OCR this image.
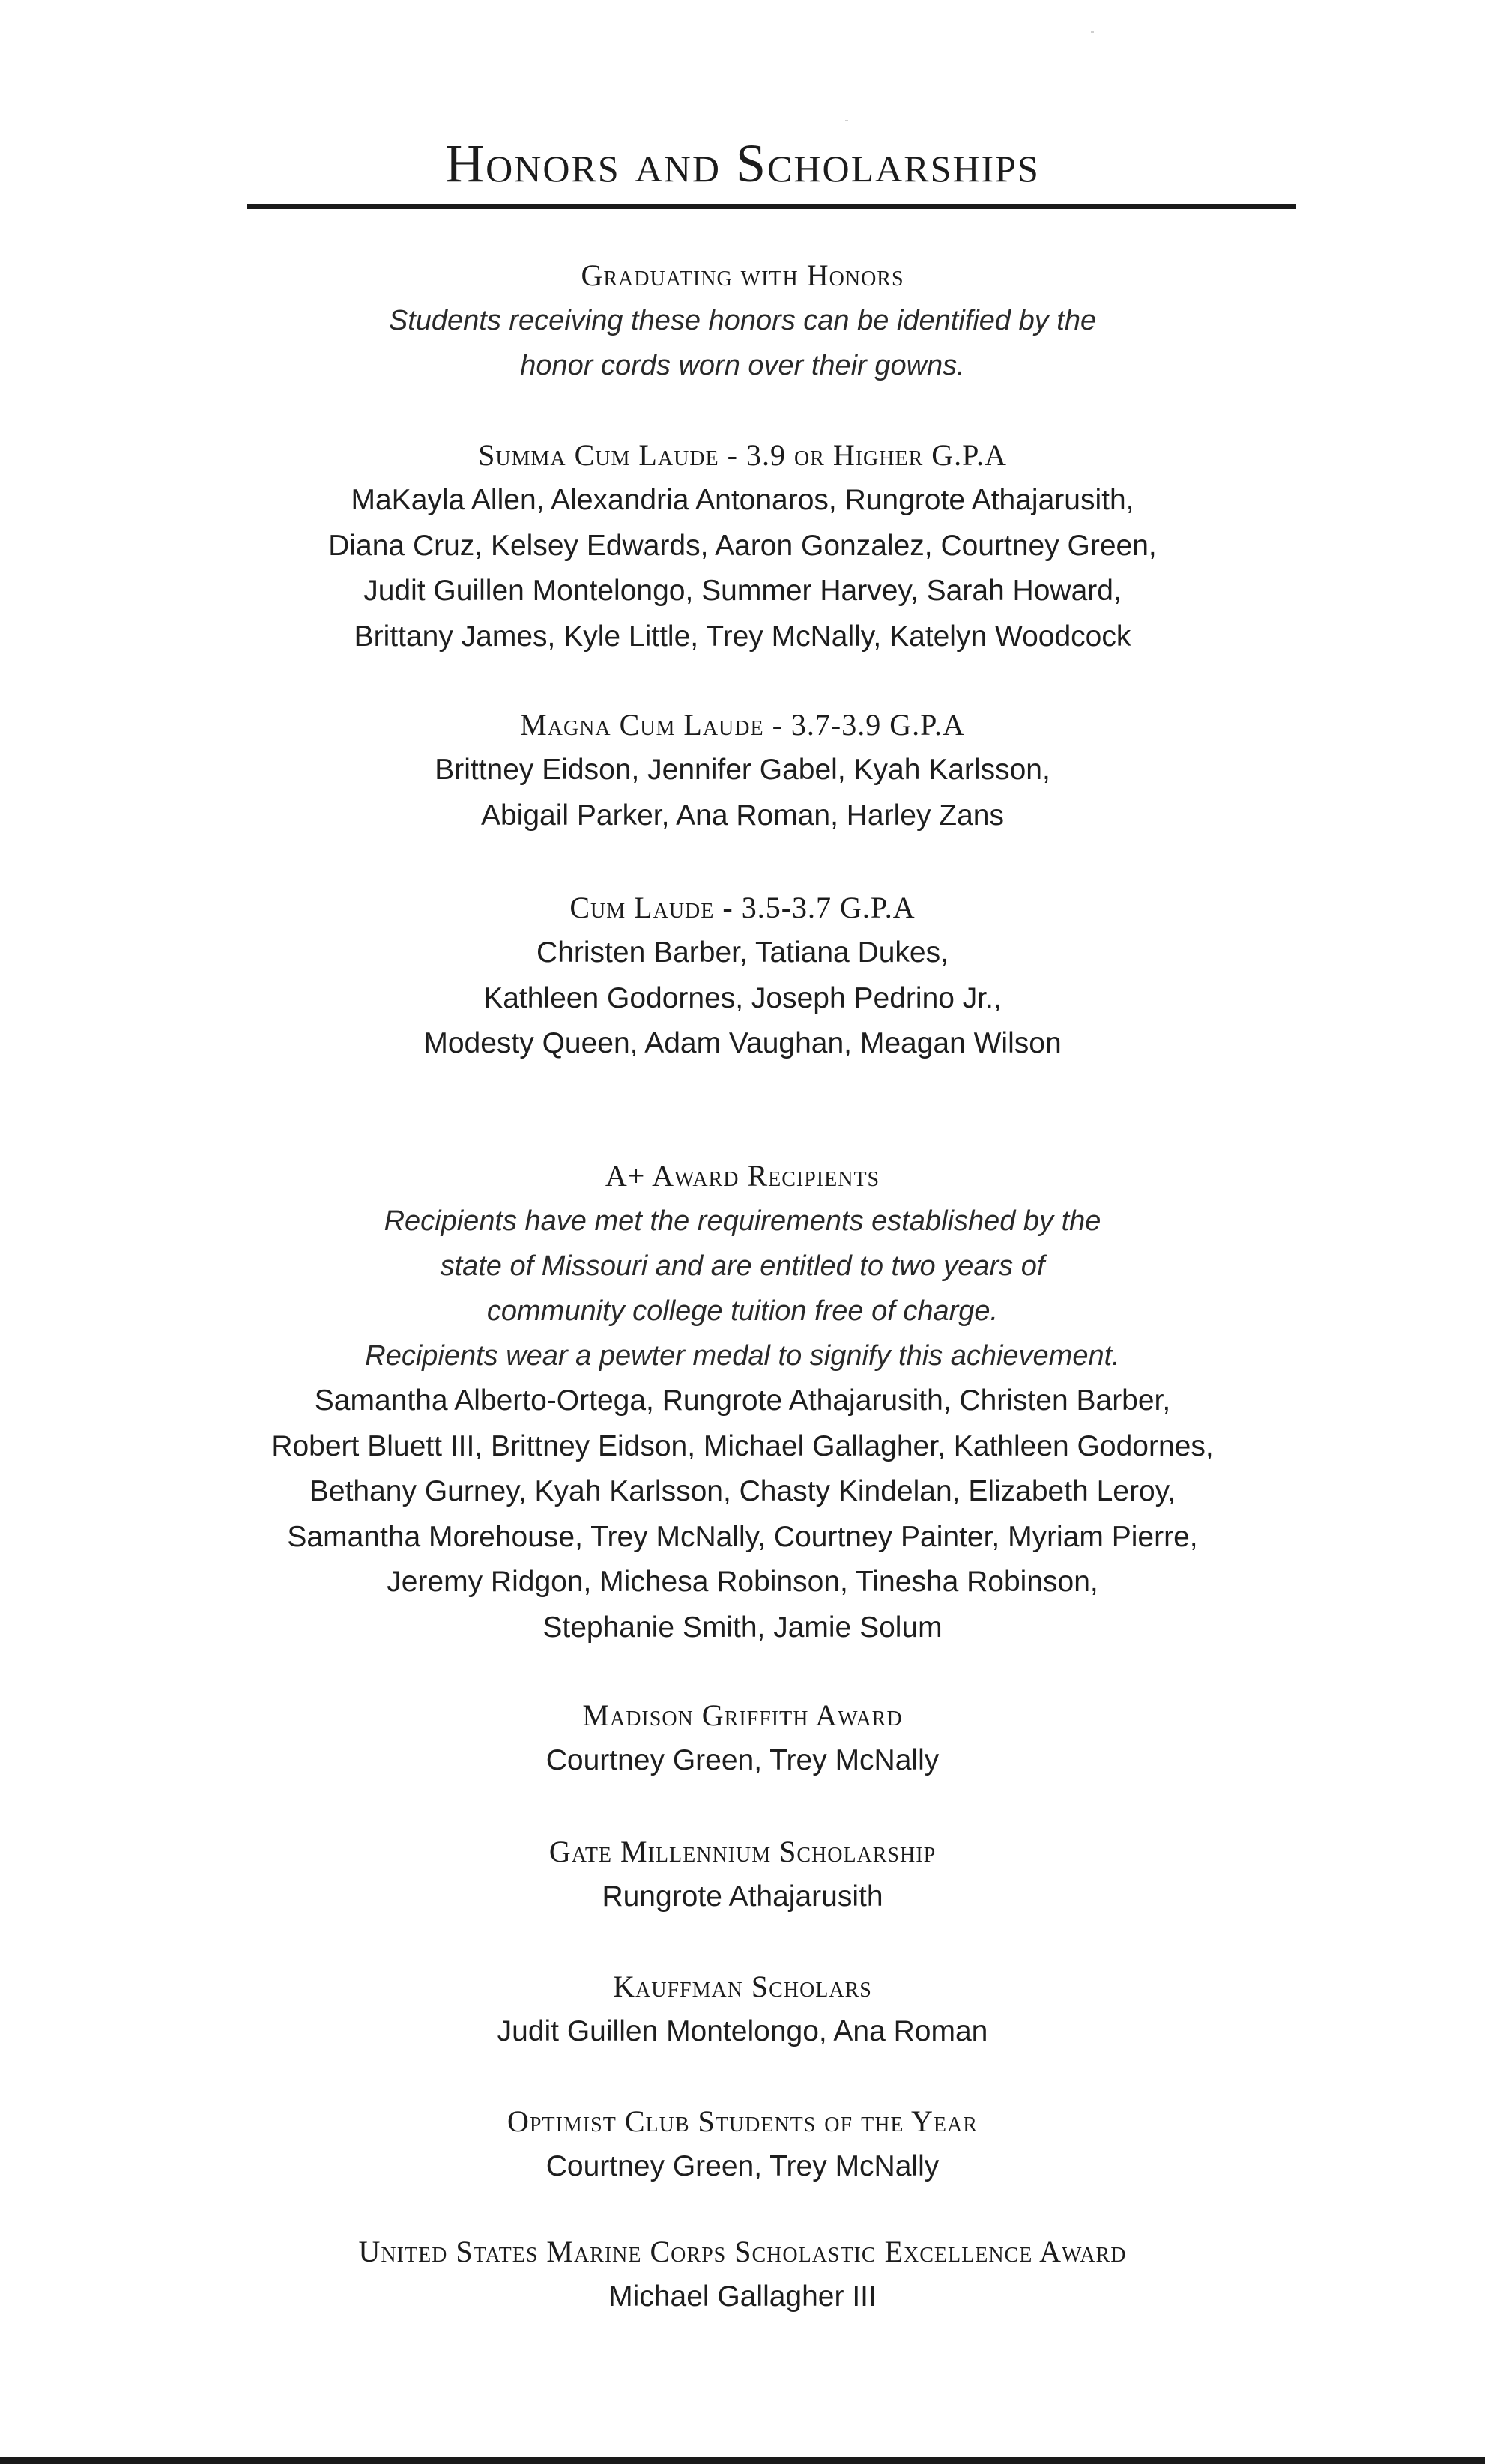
Honors and Scholarships
Graduating with Honors
Students receiving these honors can be identified by the
honor cords worn over their gowns.
Summa Cum Laude - 3.9 or Higher G.P.A
MaKayla Allen, Alexandria Antonaros, Rungrote Athajarusith,
Diana Cruz, Kelsey Edwards, Aaron Gonzalez, Courtney Green,
Judit Guillen Montelongo, Summer Harvey, Sarah Howard,
Brittany James, Kyle Little, Trey McNally, Katelyn Woodcock
Magna Cum Laude - 3.7-3.9 G.P.A
Brittney Eidson, Jennifer Gabel, Kyah Karlsson,
Abigail Parker, Ana Roman, Harley Zans
Cum Laude - 3.5-3.7 G.P.A
Christen Barber, Tatiana Dukes,
Kathleen Godornes, Joseph Pedrino Jr.,
Modesty Queen, Adam Vaughan, Meagan Wilson
A+ Award Recipients
Recipients have met the requirements established by the
state of Missouri and are entitled to two years of
community college tuition free of charge.
Recipients wear a pewter medal to signify this achievement.
Samantha Alberto-Ortega, Rungrote Athajarusith, Christen Barber,
Robert Bluett III, Brittney Eidson, Michael Gallagher, Kathleen Godornes,
Bethany Gurney, Kyah Karlsson, Chasty Kindelan, Elizabeth Leroy,
Samantha Morehouse, Trey McNally, Courtney Painter, Myriam Pierre,
Jeremy Ridgon, Michesa Robinson, Tinesha Robinson,
Stephanie Smith, Jamie Solum
Madison Griffith Award
Courtney Green, Trey McNally
Gate Millennium Scholarship
Rungrote Athajarusith
Kauffman Scholars
Judit Guillen Montelongo, Ana Roman
Optimist Club Students of the Year
Courtney Green, Trey McNally
United States Marine Corps Scholastic Excellence Award
Michael Gallagher III
